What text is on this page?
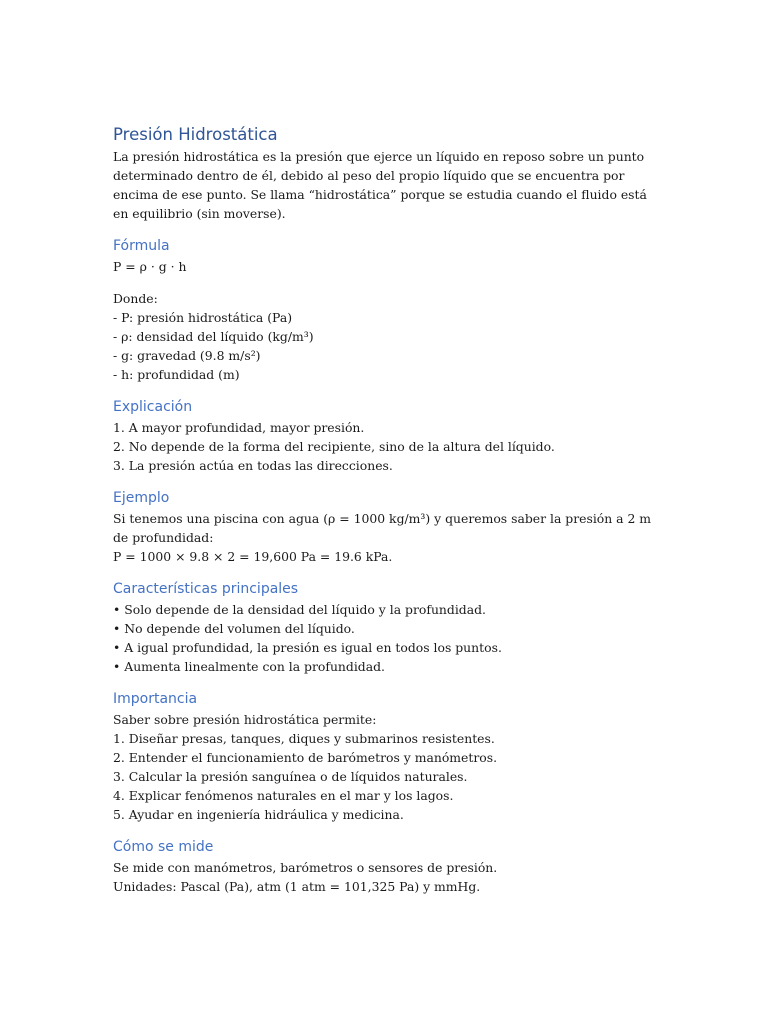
Presión Hidrostática

La presión hidrostática es la presión que ejerce un líquido en reposo sobre un punto determinado dentro de él, debido al peso del propio líquido que se encuentra por encima de ese punto. Se llama “hidrostática” porque se estudia cuando el fluido está en equilibrio (sin moverse).

Fórmula

P = ρ · g · h

Donde:

- P: presión hidrostática (Pa)
- ρ: densidad del líquido (kg/m³)
- g: gravedad (9.8 m/s²)
- h: profundidad (m)
Explicación
1. A mayor profundidad, mayor presión.
2. No depende de la forma del recipiente, sino de la altura del líquido.
3. La presión actúa en todas las direcciones.
Ejemplo

Si tenemos una piscina con agua (ρ = 1000 kg/m³) y queremos saber la presión a 2 m de profundidad:

P = 1000 × 9.8 × 2 = 19,600 Pa = 19.6 kPa.

Características principales
• Solo depende de la densidad del líquido y la profundidad.
• No depende del volumen del líquido.
• A igual profundidad, la presión es igual en todos los puntos.
• Aumenta linealmente con la profundidad.
Importancia

Saber sobre presión hidrostática permite:

1. Diseñar presas, tanques, diques y submarinos resistentes.
2. Entender el funcionamiento de barómetros y manómetros.
3. Calcular la presión sanguínea o de líquidos naturales.
4. Explicar fenómenos naturales en el mar y los lagos.
5. Ayudar en ingeniería hidráulica y medicina.
Cómo se mide

Se mide con manómetros, barómetros o sensores de presión.

Unidades: Pascal (Pa), atm (1 atm = 101,325 Pa) y mmHg.
